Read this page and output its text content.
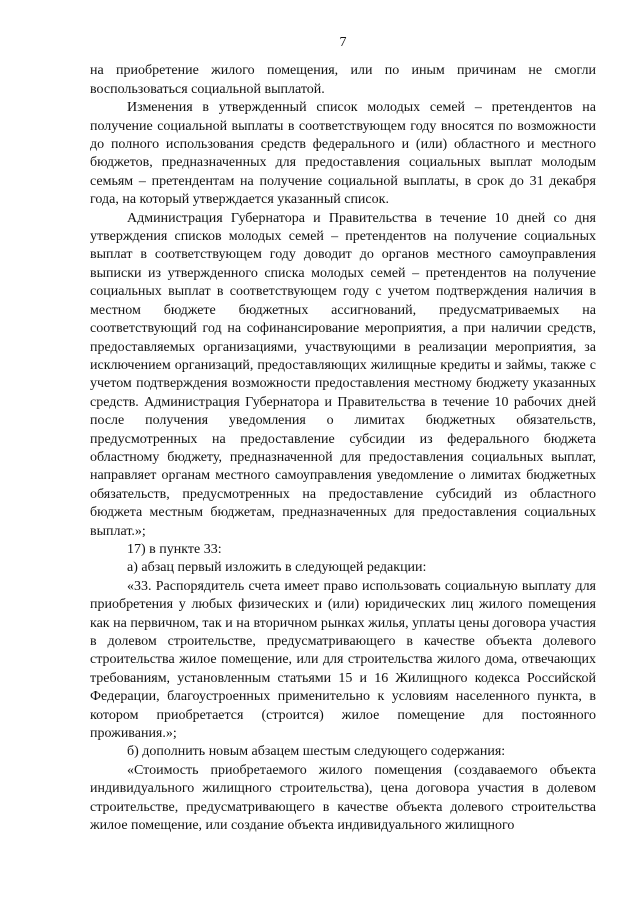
7

на приобретение жилого помещения, или по иным причинам не смогли воспользоваться социальной выплатой.

Изменения в утвержденный список молодых семей – претендентов на получение социальной выплаты в соответствующем году вносятся по возможности до полного использования средств федерального и (или) областного и местного бюджетов, предназначенных для предоставления социальных выплат молодым семьям – претендентам на получение социальной выплаты, в срок до 31 декабря года, на который утверждается указанный список.

Администрация Губернатора и Правительства в течение 10 дней со дня утверждения списков молодых семей – претендентов на получение социальных выплат в соответствующем году доводит до органов местного самоуправления выписки из утвержденного списка молодых семей – претендентов на получение социальных выплат в соответствующем году с учетом подтверждения наличия в местном бюджете бюджетных ассигнований, предусматриваемых на соответствующий год на софинансирование мероприятия, а при наличии средств, предоставляемых организациями, участвующими в реализации мероприятия, за исключением организаций, предоставляющих жилищные кредиты и займы, также с учетом подтверждения возможности предоставления местному бюджету указанных средств. Администрация Губернатора и Правительства в течение 10 рабочих дней после получения уведомления о лимитах бюджетных обязательств, предусмотренных на предоставление субсидии из федерального бюджета областному бюджету, предназначенной для предоставления социальных выплат, направляет органам местного самоуправления уведомление о лимитах бюджетных обязательств, предусмотренных на предоставление субсидий из областного бюджета местным бюджетам, предназначенных для предоставления социальных выплат.»;

17) в пункте 33:

а) абзац первый изложить в следующей редакции:

«33. Распорядитель счета имеет право использовать социальную выплату для приобретения у любых физических и (или) юридических лиц жилого помещения как на первичном, так и на вторичном рынках жилья, уплаты цены договора участия в долевом строительстве, предусматривающего в качестве объекта долевого строительства жилое помещение, или для строительства жилого дома, отвечающих требованиям, установленным статьями 15 и 16 Жилищного кодекса Российской Федерации, благоустроенных применительно к условиям населенного пункта, в котором приобретается (строится) жилое помещение для постоянного проживания.»;

б) дополнить новым абзацем шестым следующего содержания:

«Стоимость приобретаемого жилого помещения (создаваемого объекта индивидуального жилищного строительства), цена договора участия в долевом строительстве, предусматривающего в качестве объекта долевого строительства жилое помещение, или создание объекта индивидуального жилищного
